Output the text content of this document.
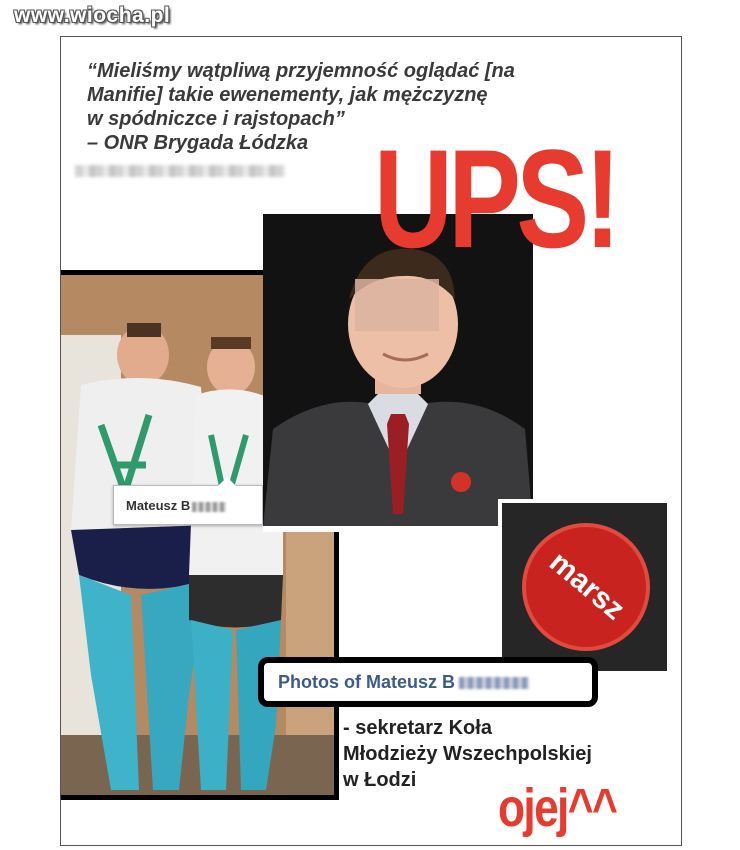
www.wiocha.pl
“Mieliśmy wątpliwą przyjemność oglądać [na
Manifie] takie ewenementy, jak mężczyznę
w spódniczce i rajstopach”
– ONR Brygada Łódzka
marsz
Mateusz B
Photos of Mateusz B
UPS!
- sekretarz Koła
Młodzieży Wszechpolskiej
w Łodzi	ojej^^
